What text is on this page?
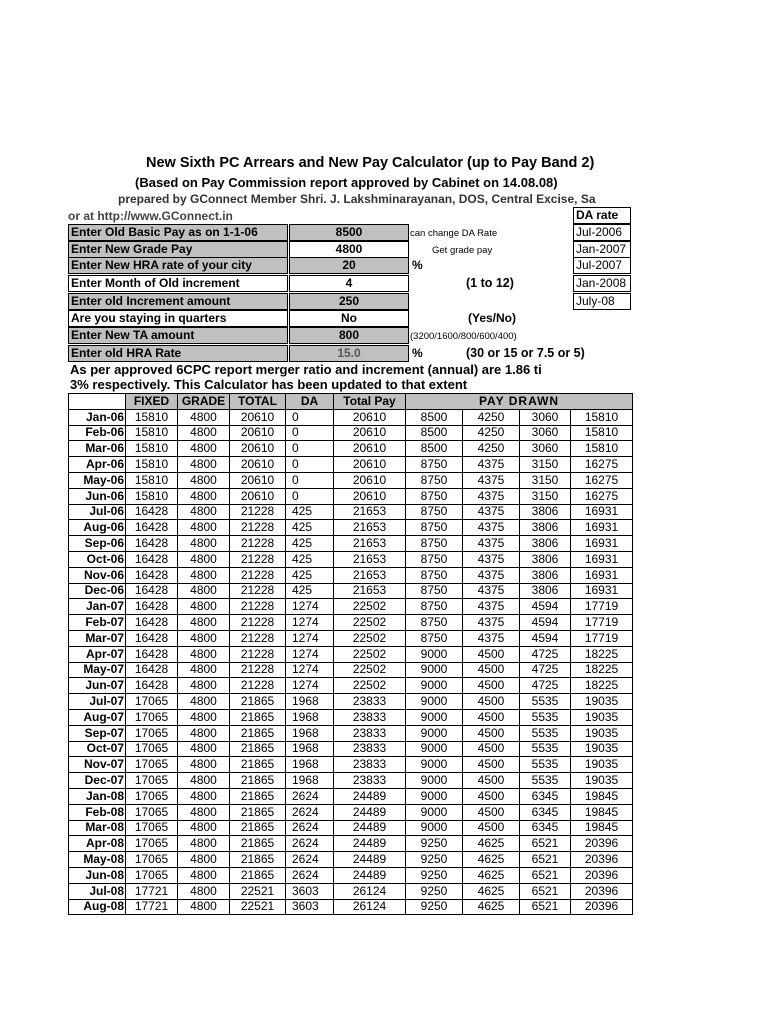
New Sixth PC Arrears and New Pay Calculator (up to Pay Band 2)
(Based on Pay Commission report approved by Cabinet on 14.08.08)
prepared by GConnect Member Shri. J. Lakshminarayanan, DOS, Central Excise, Sa
or at http://www.GConnect.in
Enter Old Basic Pay as on 1-1-06	8500	can change DA Rate
Enter New Grade Pay	4800	Get grade pay
Enter New HRA rate of your city	20	%
Enter Month of Old increment	4	(1 to 12)
Enter old Increment amount	250
Are you staying in quarters	No	(Yes/No)
Enter New TA amount	800	(3200/1600/800/600/400)
Enter old HRA Rate	15.0	%	(30 or 15 or 7.5 or 5)
DA rate
Jul-2006
Jan-2007
Jul-2007
Jan-2008
July-08
As per approved 6CPC report merger ratio and increment (annual) are 1.86 ti
3% respectively. This Calculator has been updated to that extent
	FIXED	GRADE	TOTAL	DA	Total Pay	PAY DRAWN			
Jan-06	15810	4800	20610	0	20610	8500	4250	3060	15810
Feb-06	15810	4800	20610	0	20610	8500	4250	3060	15810
Mar-06	15810	4800	20610	0	20610	8500	4250	3060	15810
Apr-06	15810	4800	20610	0	20610	8750	4375	3150	16275
May-06	15810	4800	20610	0	20610	8750	4375	3150	16275
Jun-06	15810	4800	20610	0	20610	8750	4375	3150	16275
Jul-06	16428	4800	21228	425	21653	8750	4375	3806	16931
Aug-06	16428	4800	21228	425	21653	8750	4375	3806	16931
Sep-06	16428	4800	21228	425	21653	8750	4375	3806	16931
Oct-06	16428	4800	21228	425	21653	8750	4375	3806	16931
Nov-06	16428	4800	21228	425	21653	8750	4375	3806	16931
Dec-06	16428	4800	21228	425	21653	8750	4375	3806	16931
Jan-07	16428	4800	21228	1274	22502	8750	4375	4594	17719
Feb-07	16428	4800	21228	1274	22502	8750	4375	4594	17719
Mar-07	16428	4800	21228	1274	22502	8750	4375	4594	17719
Apr-07	16428	4800	21228	1274	22502	9000	4500	4725	18225
May-07	16428	4800	21228	1274	22502	9000	4500	4725	18225
Jun-07	16428	4800	21228	1274	22502	9000	4500	4725	18225
Jul-07	17065	4800	21865	1968	23833	9000	4500	5535	19035
Aug-07	17065	4800	21865	1968	23833	9000	4500	5535	19035
Sep-07	17065	4800	21865	1968	23833	9000	4500	5535	19035
Oct-07	17065	4800	21865	1968	23833	9000	4500	5535	19035
Nov-07	17065	4800	21865	1968	23833	9000	4500	5535	19035
Dec-07	17065	4800	21865	1968	23833	9000	4500	5535	19035
Jan-08	17065	4800	21865	2624	24489	9000	4500	6345	19845
Feb-08	17065	4800	21865	2624	24489	9000	4500	6345	19845
Mar-08	17065	4800	21865	2624	24489	9000	4500	6345	19845
Apr-08	17065	4800	21865	2624	24489	9250	4625	6521	20396
May-08	17065	4800	21865	2624	24489	9250	4625	6521	20396
Jun-08	17065	4800	21865	2624	24489	9250	4625	6521	20396
Jul-08	17721	4800	22521	3603	26124	9250	4625	6521	20396
Aug-08	17721	4800	22521	3603	26124	9250	4625	6521	20396
